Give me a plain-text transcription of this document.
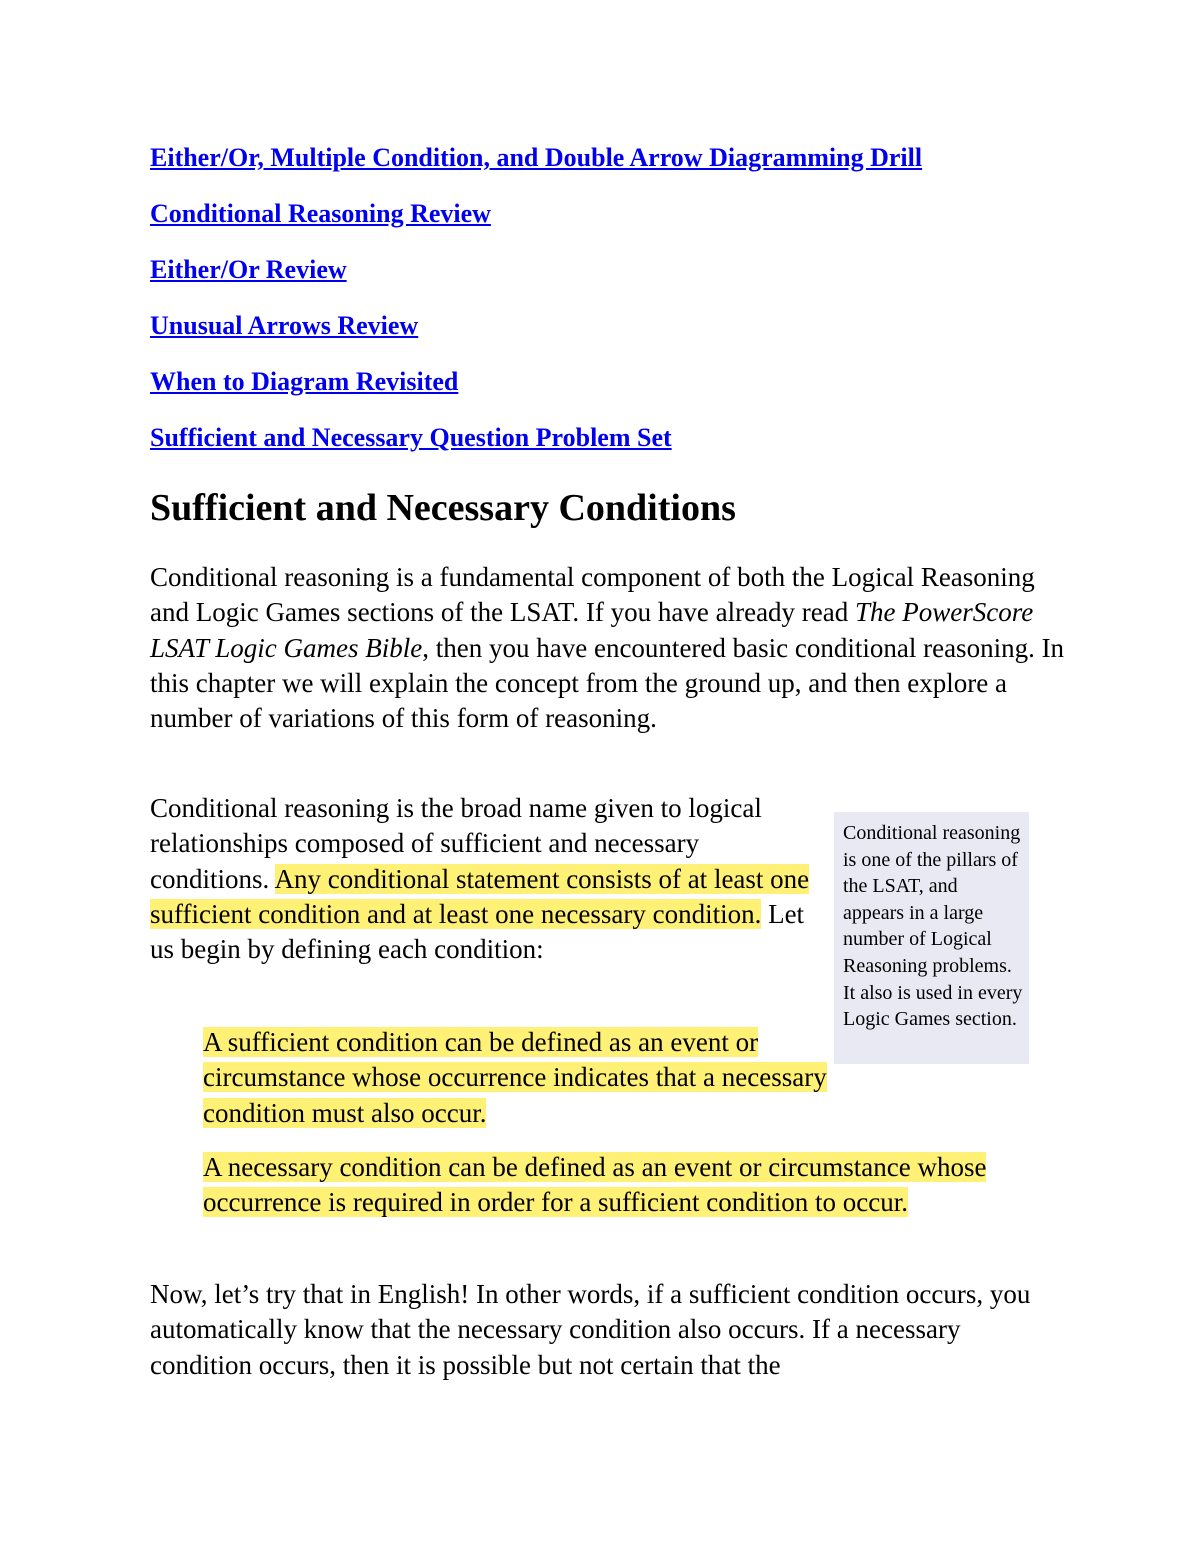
Either/Or, Multiple Condition, and Double Arrow Diagramming Drill
Conditional Reasoning Review
Either/Or Review
Unusual Arrows Review
When to Diagram Revisited
Sufficient and Necessary Question Problem Set
Sufficient and Necessary Conditions

Conditional reasoning is a fundamental component of both the Logical Reasoning and Logic Games sections of the LSAT. If you have already read The PowerScore LSAT Logic Games Bible, then you have encountered basic conditional reasoning. In this chapter we will explain the concept from the ground up, and then explore a number of variations of this form of reasoning.

Conditional reasoning is the broad name given to logical relationships composed of sufficient and necessary conditions. Any conditional statement consists of at least one sufficient condition and at least one necessary condition. Let us begin by defining each condition:

A sufficient condition can be defined as an event or circumstance whose occurrence indicates that a necessary condition must also occur.

A necessary condition can be defined as an event or circumstance whose occurrence is required in order for a sufficient condition to occur.

Now, let’s try that in English! In other words, if a sufficient condition occurs, you automatically know that the necessary condition also occurs. If a necessary condition occurs, then it is possible but not certain that the

Conditional reasoning is one of the pillars of the LSAT, and appears in a large number of Logical Reasoning problems. It also is used in every Logic Games section.
